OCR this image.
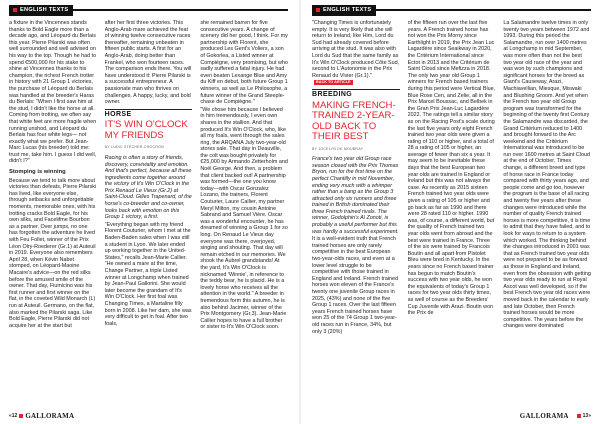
ENGLISH TEXTS

a fixture in the Vincennes stands thanks to Bold Eagle more than a decade ago, and Léopard du Berlais this year. Pierre Pilarski was often well surrounded and well advised on his way to the top. Though he had to spend €500,000 for his stake to shine at Vincennes thanks to his champion, the richest French trotter in history with 21 Group 1 victories, the purchase of Léopard du Berlais was handled at the breeder's Haras du Berlais: "When I first saw him at the stud, I didn't like the horse at all. Coming from trotting, we often say that white feet are more fragile when running unshod, and Léopard du Berlais has four white legs— not exactly what we prefer. But Jean-Marc Lucas (his breeder) told me: trust me, take him. I guess I did well, didn't I?"

Stomping is winning

Because we tend to talk more about victories than defeats, Pierre Pilarski has lived, like everyone else, through setbacks and unforgettable moments, memorable ones, with his trotting cracks Bold Eagle, for his own silks, and Facelifme Bourbon as a partner. Over jumps, no one has forgotten the adventure he lived with Feu Follet, winner of the Prix Léon Olry-Roederer (Gr.1) at Auteuil in 2019. Everyone also remembers April 28, when Kévin Nabet stomped, on Léopard-Maoine Macaire's advice—on the red silks before the amused smile of the owner. That day, Fiumicino was his first runner and first winner on the flat, in the coveted Wild Monarch (L) run at Auteuil. Germano, on the flat, also marked the Pilarski saga. Like Bold Eagle, Pierre Pilarski did not acquire her at the start but

after her first three victories. This Anglo-Arab mare achieved the feat of winning twelve consecutive races thereafter, remaining unbeaten in fifteen public starts. A first for an Anglo-Arab, doing better than Frankel, who won fourteen races. The comparison ends there. You will have understood it: Pierre Pilarski is a successful entrepreneur. A passionate man who thrives on challenges. A happy, lucky, and bold owner.

HORSE
IT'S WIN O'CLOCK MY FRIENDS
BY LUDIC STÉCHER-CHOCRON

Racing is often a story of friends, discovery, conviviality and emotion. And that's perfect, because all these ingredients come together around the victory of It's Win O'Clock in the Prix Renaud Le Vieux (Gr.2) at Saint-Cloud. Gilles Trapenard, of the horse's co-breeder and co-owner, looks back with emotion on this Group 1 victory, a first.

"Everything began with my friend Florent Couturier, whom I met at the Baden-Baden sales when I was still a student in Lyon. We later ended up working together in the United-States," recalls Jean-Marie Callier. "He owned a mare at the time, Change Partner, a triple Listed winner at Longchamp when trained by Jean-Paul Gallorini. She would later become the grandam of It's Win O'Clock. Her first foal was Changing Times, a Martaline filly born in 2008. Like her dam, she was very difficult to get in foal. After two foals,

she remained barren for five consecutive years. A change of scenery did her good, I think. For my partnership with Florent, she produced Les Gent's Voliers, a son of Gokorlea, a Listed winner at Compiègne, very promising, but who sadly suffered a fatal injury. He had even beaten Lexange Blue and Amy du Kiff en debut, both future Group 1 winners, as well as Le Philosophe, a future winner of the Grand Steeple-chase de Compiègne."

"We chose him because I believed in him tremendously, I even own shares in the stallion. And that produced It's Win O'Clock, who, like all my foals, went through the sales ring, the ARQANA July two-year-old stores sale. That day in Deauville, the colt was bought privately for €25,000 by Armando Zetterholm and Noël George. And then, a problem that client backed out! A partnership was formed—the one you know today—with Oscar Gonzalez Lozano, the trainers, Florent Couturier, Laure Callier, my partner Meryl Milton, my cousin Antoine Sabrand and Samuel Vière. Oscar was a wonderful encounter, he has dreamed of winning a Group 1 for so long. On Renaud Le Vieux day everyone was there, overjoyed, singing and shouting. That day will remain etched in our memories. We shook the Aubrel grandstands! At the yard, It's Win O'Clock is nicknamed 'Winnie', in reference to the teddy bear, he is placid. He is a lovely horse who receives all the attention in the world." A breeder in tremendous form this autumn, he is also behind Jacimer, winner of the Prix Montgomery (Gr.3). Jean-Marie Callier hopes to have a full brother or sister to It's Win O'Clock soon.

« 12 GALLORAMA
ENGLISH TEXTS

"Changing Times is unfortunately empty. It is very likely that she will return to Ireland, like Him, Lord du Sud had already covered before arriving at the stud. It was also with Lord du Sud that the same family as It's Win O'Clock produced Côte Sud, second to L'Autonomie in the Prix Renaud du Vivier (Gr.1)." BACK TO ARTICLE

BREEDING
MAKING FRENCH-TRAINED 2-YEAR-OLD BACK TO THEIR BEST
BY JOCELYN DE MOUBRAY

France's two year old Group race season closed with the Prix Thomas Bryon, run for the first time on the perfect Chantilly in mid November, ending very much with a whimper rather than a bang as the Group 3 attracted only six runners and three trained in British dominated their three French trained rivals. The winner, Godolphin's Al Zonoti, is probably a useful performer but this was hardly a successful experiment.

It is a well-evident truth that French trained horses are only rarely competitive in the best European two-year-olds races, and even at a lower level struggle to be competitive with those trained in England and Ireland. French trained horses won eleven of the France's twenty one juvenile Group races in 2025, (43%) and none of the five Group 1 races. Over the last fifteen years French trained horses have won 25 of the 74 Group 1 two-year-old races run in France, 34%, but only 3 (20%)

of the fifteen run over the last five years. A French trained horse has not won the Prix Morny since Earthlight in 2019, the Prix Jean Luc Lagardère since Seaikway in 2020, the Critérium International since Ectot in 2013 and the Critérium de Saint Cloud since Mefizza in 2018. The only two year old Group 1 winners for French based trainers during this period were Vertical Blue, Blue Rose Cen, and Zelie, all in the Prix Marcel Boussac, and Belbek in the Gran Prix Jean-Luc Lagardère 2022. The ratings tell a similar story as on the Racing Post's scale during the last five years only eight French trained two year olds were given a rating of 110 or higher, and a total of 28 a rating of 105 or higher, an average of fewer than six a year. It may seem to be inevitable these days that the best European two year olds are trained in England or Ireland but this was not always the case. As recently as 2015 sixteen French trained two year olds were given a rating of 105 or higher and go back as far as 1990 and there were 28 rated 110 or higher. 1990 was, of course, a different world, but the quality of French trained two year olds went from abroad and the best were trained in France. Three of the six were trained by Francois Boutin and all apart from Pistolet Bleu were bred in Kentucky. In the years since no French based trainer has begun to match Boutin's success with two year olds, he won the equivalents of today's Group 1 races for two year olds thirty times, as well of course as the Breeders' Cup Juvenile with Arazi. Boutin won the Prix de

La Salamandre twelve times in only twenty two years between 1972 and 1993. During this period the Salamandre, run over 1400 metres at Longchamp in mid September, was more often than not the best two year old race of the year and was won by such champions and significant horses for the breed as Giant's Causeway, Arazi, Machiavellian, Miesque, Miswaki and Blushing Groom. And yet when the French two year old Group program was transformed for the beginning of the twenty first Century the Salamandre was discarded, the Grand Critérium reduced to 1400 and brought forward to the Arc weekend and the Critérium International was introduced to be run over 1600 metres at Saint Cloud at the end of October. Times change, a different breed and type of horse race in France today compared with thirty years ago, and people come and go too, however the program is the base of all racing and twenty five years after these changes were introduced while the number of quality French trained horses is more competitive, it is time to admit that they have failed, and to look for ways to return to a system which worked. The thinking behind the changes introduced in 2001 was that as French trained two year olds were not prepared to be as forward as those in England and Ireland, even from the obsession with getting two year olds ready to run at Royal Ascot was well developed, so if the best French two year old races were moved back in the calendar to early and late October, then French trained horses would be more competitive. The years before the changes were dominated

GALLORAMA	13 »
